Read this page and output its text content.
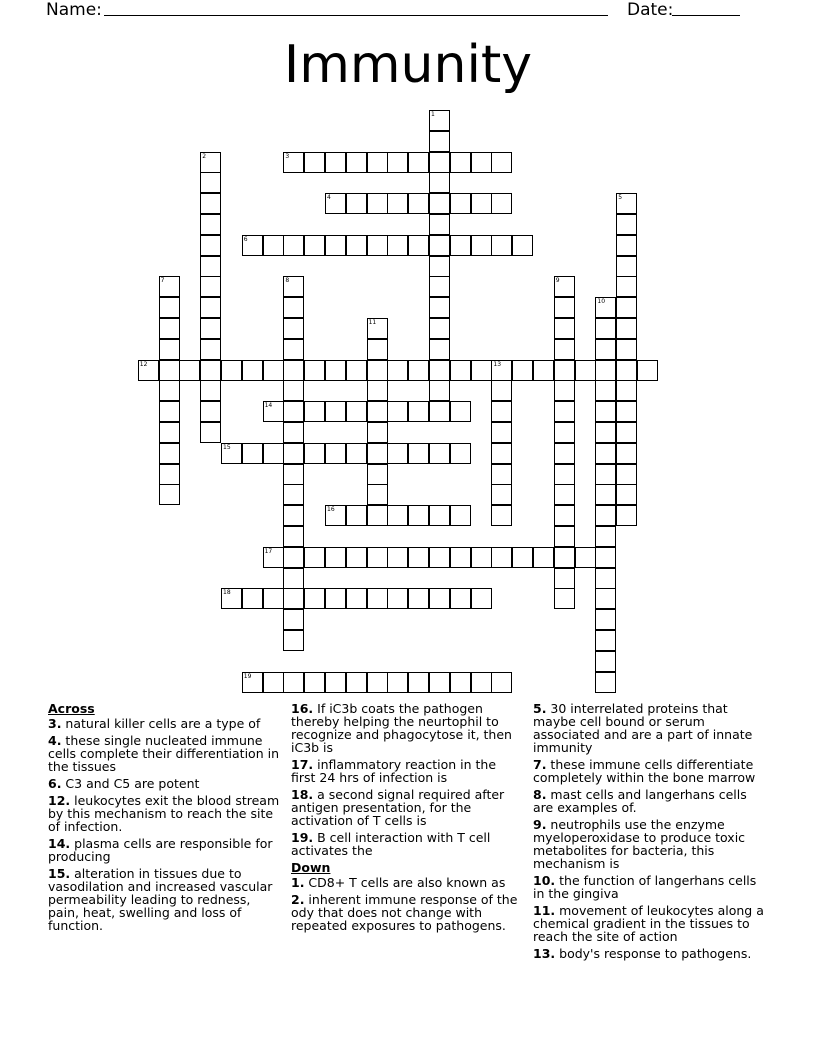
Name:	Date:
Immunity
1
2	3
4	5
6
7	8	9
10
11
12	13
14
15
16
17
18
19
Across
3. natural killer cells are a type of
4. these single nucleated immune cells complete their differentiation in the tissues
6. C3 and C5 are potent
12. leukocytes exit the blood stream by this mechanism to reach the site of infection.
14. plasma cells are responsible for producing
15. alteration in tissues due to vasodilation and increased vascular permeability leading to redness, pain, heat, swelling and loss of function.
16. If iC3b coats the pathogen thereby helping the neurtophil to recognize and phagocytose it, then iC3b is
17. inflammatory reaction in the first 24 hrs of infection is
18. a second signal required after antigen presentation, for the activation of T cells is
19. B cell interaction with T cell activates the
Down
1. CD8+ T cells are also known as
2. inherent immune response of the ody that does not change with repeated exposures to pathogens.
5. 30 interrelated proteins that maybe cell bound or serum associated and are a part of innate immunity
7. these immune cells differentiate completely within the bone marrow
8. mast cells and langerhans cells are examples of.
9. neutrophils use the enzyme myeloperoxidase to produce toxic metabolites for bacteria, this mechanism is
10. the function of langerhans cells in the gingiva
11. movement of leukocytes along a chemical gradient in the tissues to reach the site of action
13. body's response to pathogens.
